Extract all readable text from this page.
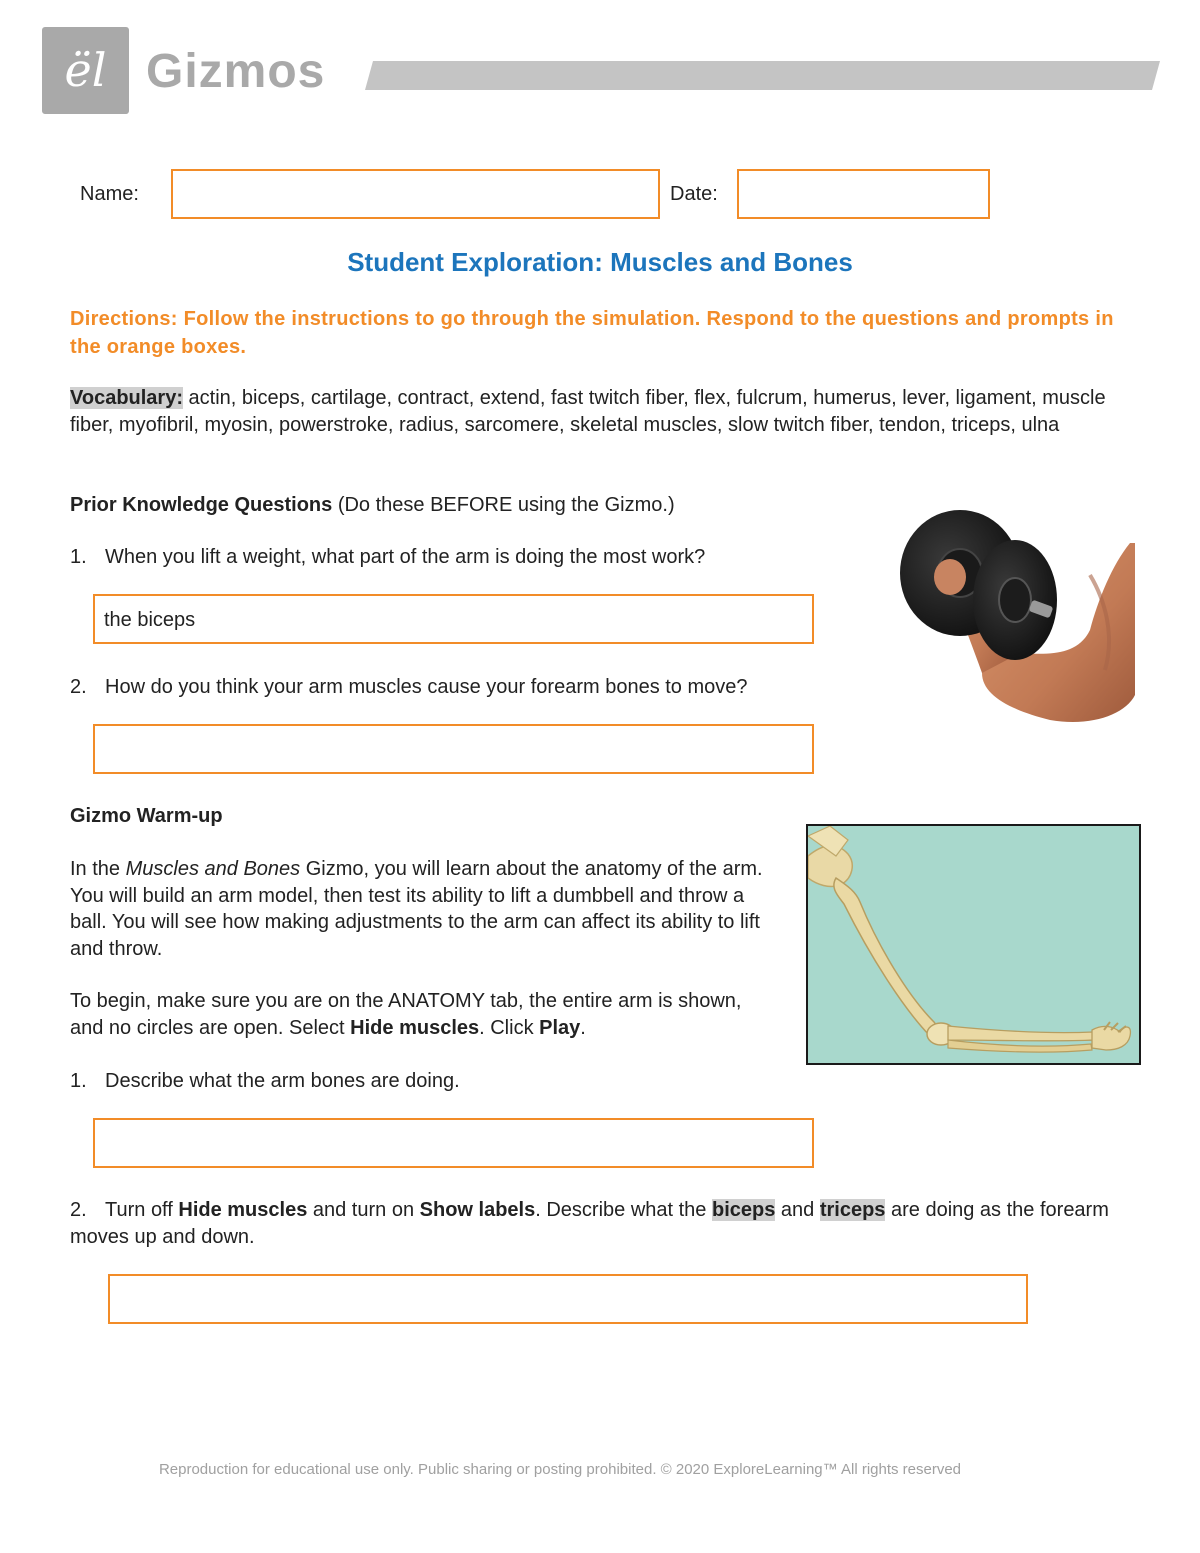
ël Gizmos
Name:	Date:
Student Exploration: Muscles and Bones
Directions: Follow the instructions to go through the simulation. Respond to the questions and prompts in the orange boxes.
Vocabulary: actin, biceps, cartilage, contract, extend, fast twitch fiber, flex, fulcrum, humerus, lever, ligament, muscle fiber, myofibril, myosin, powerstroke, radius, sarcomere, skeletal muscles, slow twitch fiber, tendon, triceps, ulna
Prior Knowledge Questions (Do these BEFORE using the Gizmo.)
1. When you lift a weight, what part of the arm is doing the most work?
the biceps
2. How do you think your arm muscles cause your forearm bones to move?
Gizmo Warm-up
In the Muscles and Bones Gizmo, you will learn about the anatomy of the arm. You will build an arm model, then test its ability to lift a dumbbell and throw a ball. You will see how making adjustments to the arm can affect its ability to lift and throw.
To begin, make sure you are on the ANATOMY tab, the entire arm is shown, and no circles are open. Select Hide muscles. Click Play.
1. Describe what the arm bones are doing.
2. Turn off Hide muscles and turn on Show labels. Describe what the biceps and triceps are doing as the forearm moves up and down.
Reproduction for educational use only. Public sharing or posting prohibited. © 2020 ExploreLearning™ All rights reserved
